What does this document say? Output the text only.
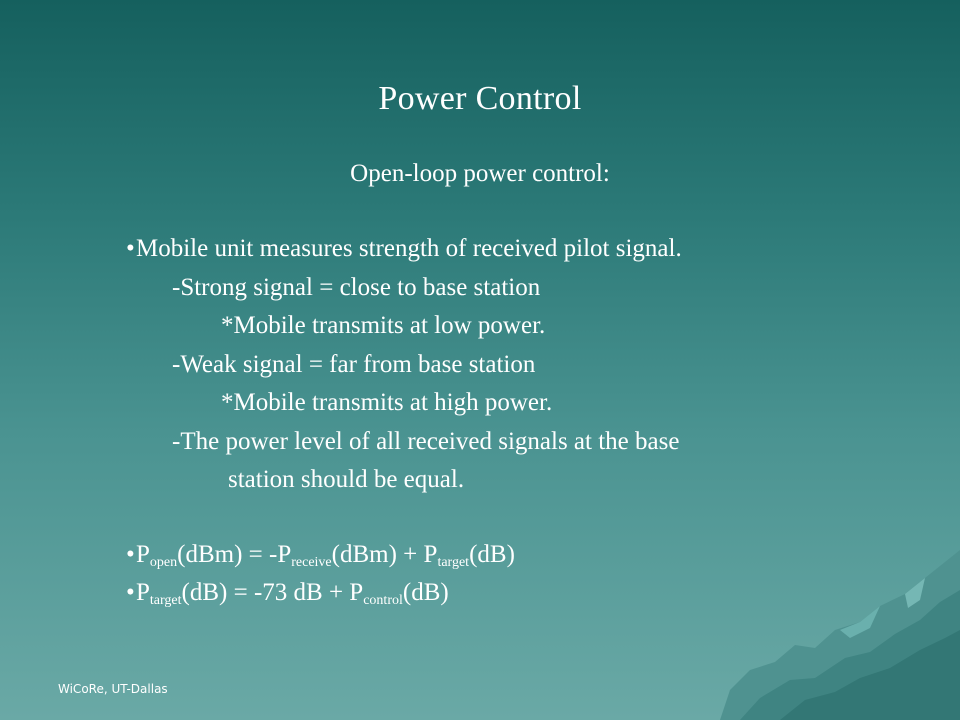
Power Control
Open-loop power control:
• Mobile unit measures strength of received pilot signal.
-Strong signal = close to base station
*Mobile transmits at low power.
-Weak signal = far from base station
*Mobile transmits at high power.
-The power level of all received signals at the base
station should be equal.
• $P_{open}(dBm) = -P_{receive}(dBm) + P_{target}(dB)$
• $P_{target}(dB) = -73$ dB + $P_{control}(dB)$
WiCoRe, UT-Dallas
